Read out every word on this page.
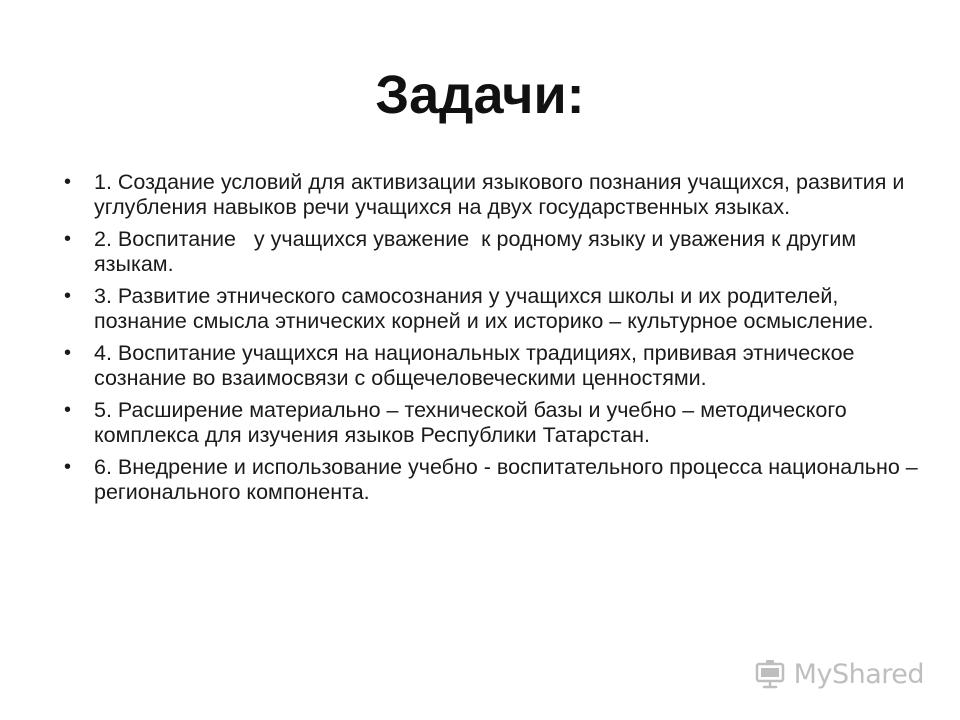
Задачи:
• 1. Создание условий для активизации языкового познания учащихся, развития и углубления навыков речи учащихся на двух государственных языках.
• 2. Воспитание   у учащихся уважение  к родному языку и уважения к другим языкам.
• 3. Развитие этнического самосознания у учащихся школы и их родителей, познание смысла этнических корней и их историко – культурное осмысление.
• 4. Воспитание учащихся на национальных традициях, прививая этническое сознание во взаимосвязи с общечеловеческими ценностями.
• 5. Расширение материально – технической базы и учебно – методического комплекса для изучения языков Республики Татарстан.
• 6. Внедрение и использование учебно - воспитательного процесса национально – регионального компонента.
MyShared
